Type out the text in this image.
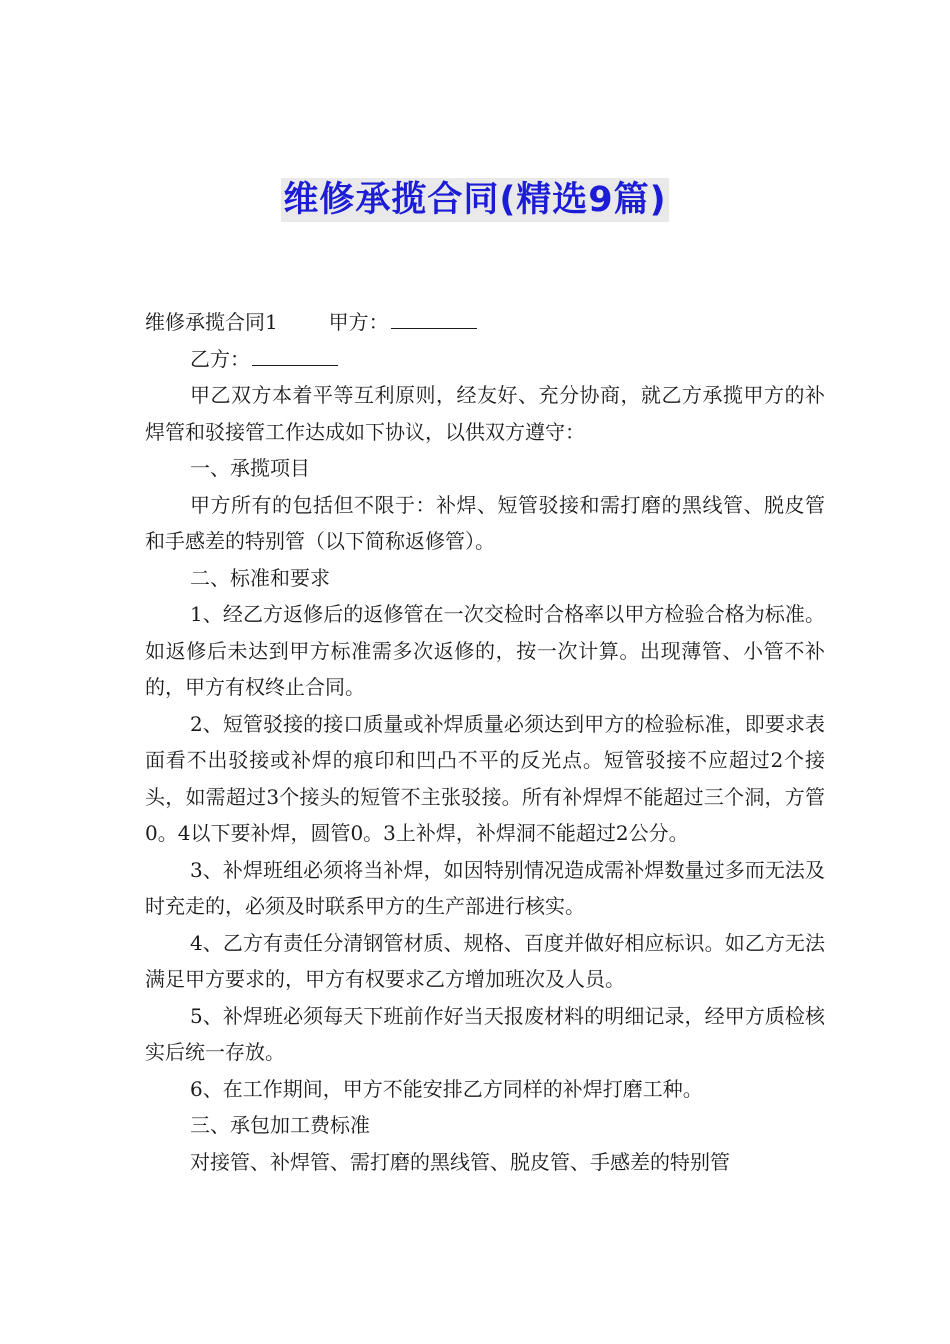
维修承揽合同(精选9篇)

维修承揽合同1	甲方：

乙方：

甲乙双方本着平等互利原则，经友好、充分协商，就乙方承揽甲方的补焊管和驳接管工作达成如下协议，以供双方遵守：

一、承揽项目

甲方所有的包括但不限于：补焊、短管驳接和需打磨的黑线管、脱皮管和手感差的特别管（以下简称返修管）。

二、标准和要求

1、经乙方返修后的返修管在一次交检时合格率以甲方检验合格为标准。如返修后未达到甲方标准需多次返修的，按一次计算。出现薄管、小管不补的，甲方有权终止合同。

2、短管驳接的接口质量或补焊质量必须达到甲方的检验标准，即要求表面看不出驳接或补焊的痕印和凹凸不平的反光点。短管驳接不应超过2个接头，如需超过3个接头的短管不主张驳接。所有补焊焊不能超过三个洞，方管0。4以下要补焊，圆管0。3上补焊，补焊洞不能超过2公分。

3、补焊班组必须将当补焊，如因特别情况造成需补焊数量过多而无法及时充走的，必须及时联系甲方的生产部进行核实。

4、乙方有责任分清钢管材质、规格、百度并做好相应标识。如乙方无法满足甲方要求的，甲方有权要求乙方增加班次及人员。

5、补焊班必须每天下班前作好当天报废材料的明细记录，经甲方质检核实后统一存放。

6、在工作期间，甲方不能安排乙方同样的补焊打磨工种。

三、承包加工费标准

对接管、补焊管、需打磨的黑线管、脱皮管、手感差的特别管
